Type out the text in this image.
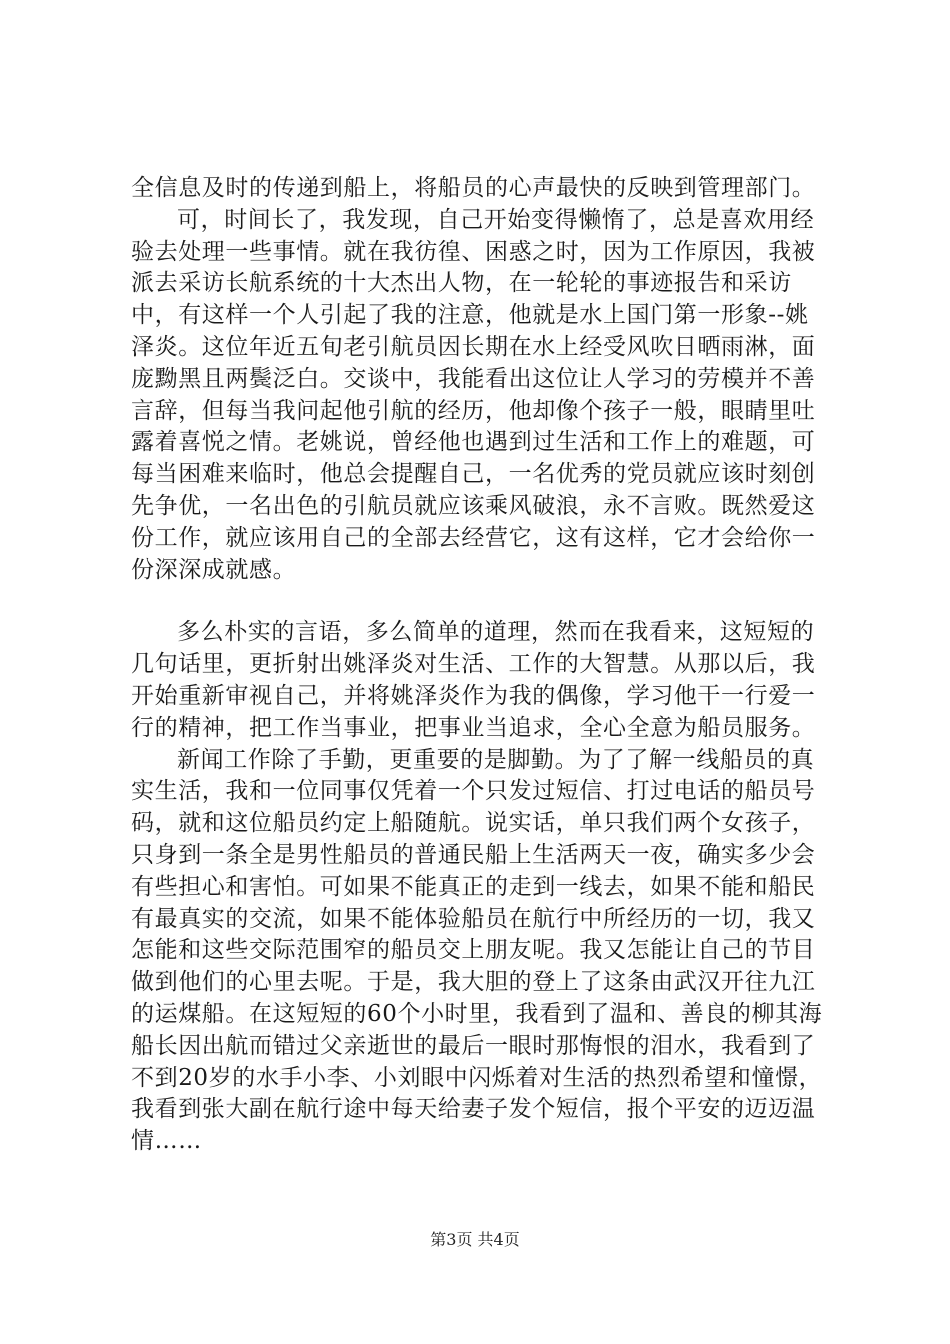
全信息及时的传递到船上，将船员的心声最快的反映到管理部门。

可，时间长了，我发现，自己开始变得懒惰了，总是喜欢用经验去处理一些事情。就在我彷徨、困惑之时，因为工作原因，我被派去采访长航系统的十大杰出人物，在一轮轮的事迹报告和采访中，有这样一个人引起了我的注意，他就是水上国门第一形象--姚泽炎。这位年近五旬老引航员因长期在水上经受风吹日晒雨淋，面庞黝黑且两鬓泛白。交谈中，我能看出这位让人学习的劳模并不善言辞，但每当我问起他引航的经历，他却像个孩子一般，眼睛里吐露着喜悦之情。老姚说，曾经他也遇到过生活和工作上的难题，可每当困难来临时，他总会提醒自己，一名优秀的党员就应该时刻创先争优，一名出色的引航员就应该乘风破浪，永不言败。既然爱这份工作，就应该用自己的全部去经营它，这有这样，它才会给你一份深深成就感。

多么朴实的言语，多么简单的道理，然而在我看来，这短短的几句话里，更折射出姚泽炎对生活、工作的大智慧。从那以后，我开始重新审视自己，并将姚泽炎作为我的偶像，学习他干一行爱一行的精神，把工作当事业，把事业当追求，全心全意为船员服务。

新闻工作除了手勤，更重要的是脚勤。为了了解一线船员的真实生活，我和一位同事仅凭着一个只发过短信、打过电话的船员号码，就和这位船员约定上船随航。说实话，单只我们两个女孩子，只身到一条全是男性船员的普通民船上生活两天一夜，确实多少会有些担心和害怕。可如果不能真正的走到一线去，如果不能和船民有最真实的交流，如果不能体验船员在航行中所经历的一切，我又怎能和这些交际范围窄的船员交上朋友呢。我又怎能让自己的节目做到他们的心里去呢。于是，我大胆的登上了这条由武汉开往九江的运煤船。在这短短的60个小时里，我看到了温和、善良的柳其海船长因出航而错过父亲逝世的最后一眼时那悔恨的泪水，我看到了不到20岁的水手小李、小刘眼中闪烁着对生活的热烈希望和憧憬，我看到张大副在航行途中每天给妻子发个短信，报个平安的迈迈温情……

第3页 共4页
